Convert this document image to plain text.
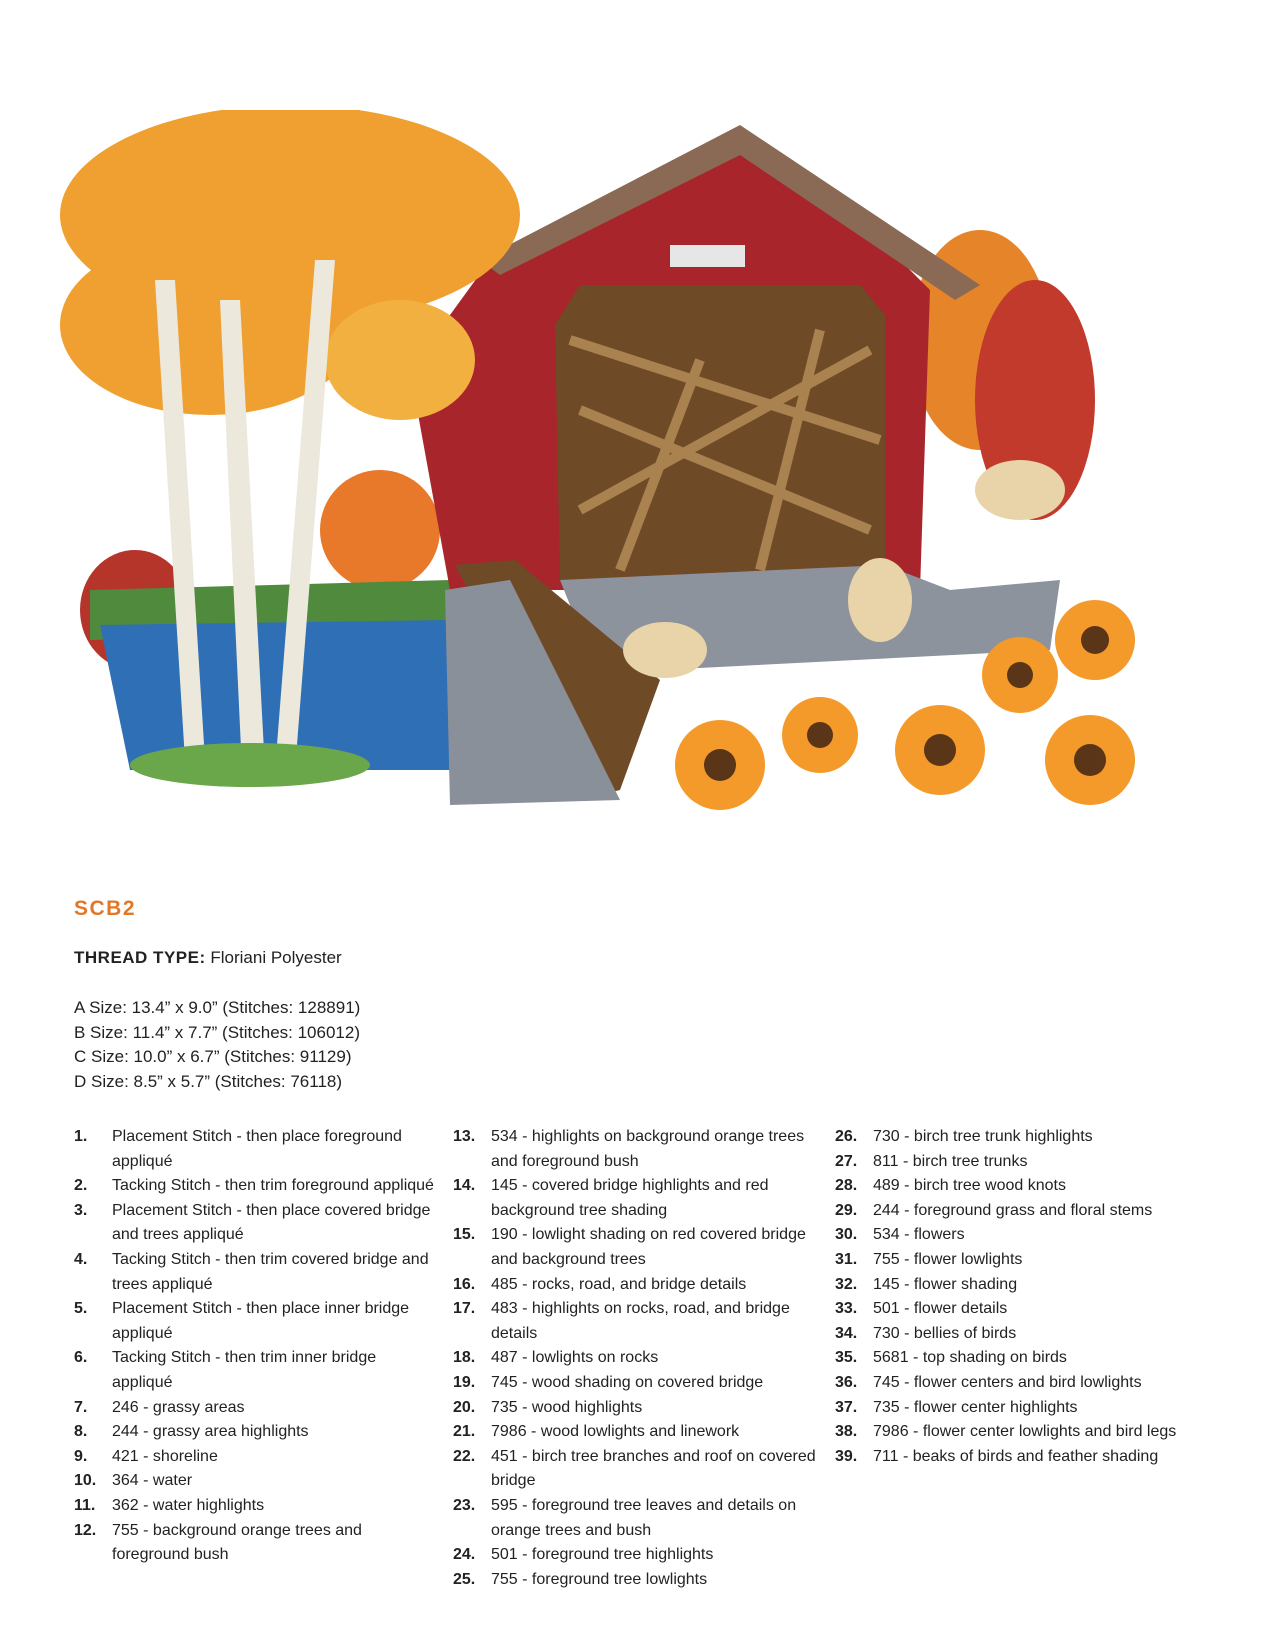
SCB2
THREAD TYPE: Floriani Polyester
A Size: 13.4” x 9.0” (Stitches: 128891)
B Size: 11.4” x 7.7” (Stitches: 106012)
C Size: 10.0” x 6.7” (Stitches: 91129)
D Size: 8.5” x 5.7” (Stitches: 76118)
1.	Placement Stitch - then place foreground appliqué
2.	Tacking Stitch - then trim foreground appliqué
3.	Placement Stitch - then place covered bridge and trees appliqué
4.	Tacking Stitch - then trim covered bridge and trees appliqué
5.	Placement Stitch - then place inner bridge appliqué
6.	Tacking Stitch - then trim inner bridge appliqué
7.	246 - grassy areas
8.	244 - grassy area highlights
9.	421 - shoreline
10. 364 - water
11.	362 - water highlights
12. 755 - background orange trees and foreground bush
13. 534 - highlights on background orange trees and foreground bush
14. 145 - covered bridge highlights and red background tree shading
15. 190 - lowlight shading on red covered bridge and background trees
16. 485 - rocks, road, and bridge details
17. 483 - highlights on rocks, road, and bridge details
18. 487 - lowlights on rocks
19. 745 - wood shading on covered bridge
20. 735 - wood highlights
21. 7986 - wood lowlights and linework
22. 451 - birch tree branches and roof on covered bridge
23. 595 - foreground tree leaves and details on orange trees and bush
24. 501 - foreground tree highlights
25. 755 - foreground tree lowlights
26. 730 - birch tree trunk highlights
27. 811 - birch tree trunks
28. 489 - birch tree wood knots
29. 244 - foreground grass and floral stems
30. 534 - flowers
31. 755 - flower lowlights
32. 145 - flower shading
33. 501 - flower details
34. 730 - bellies of birds
35. 5681 - top shading on birds
36. 745 - flower centers and bird lowlights
37. 735 - flower center highlights
38. 7986 - flower center lowlights and bird legs
39. 711 - beaks of birds and feather shading
